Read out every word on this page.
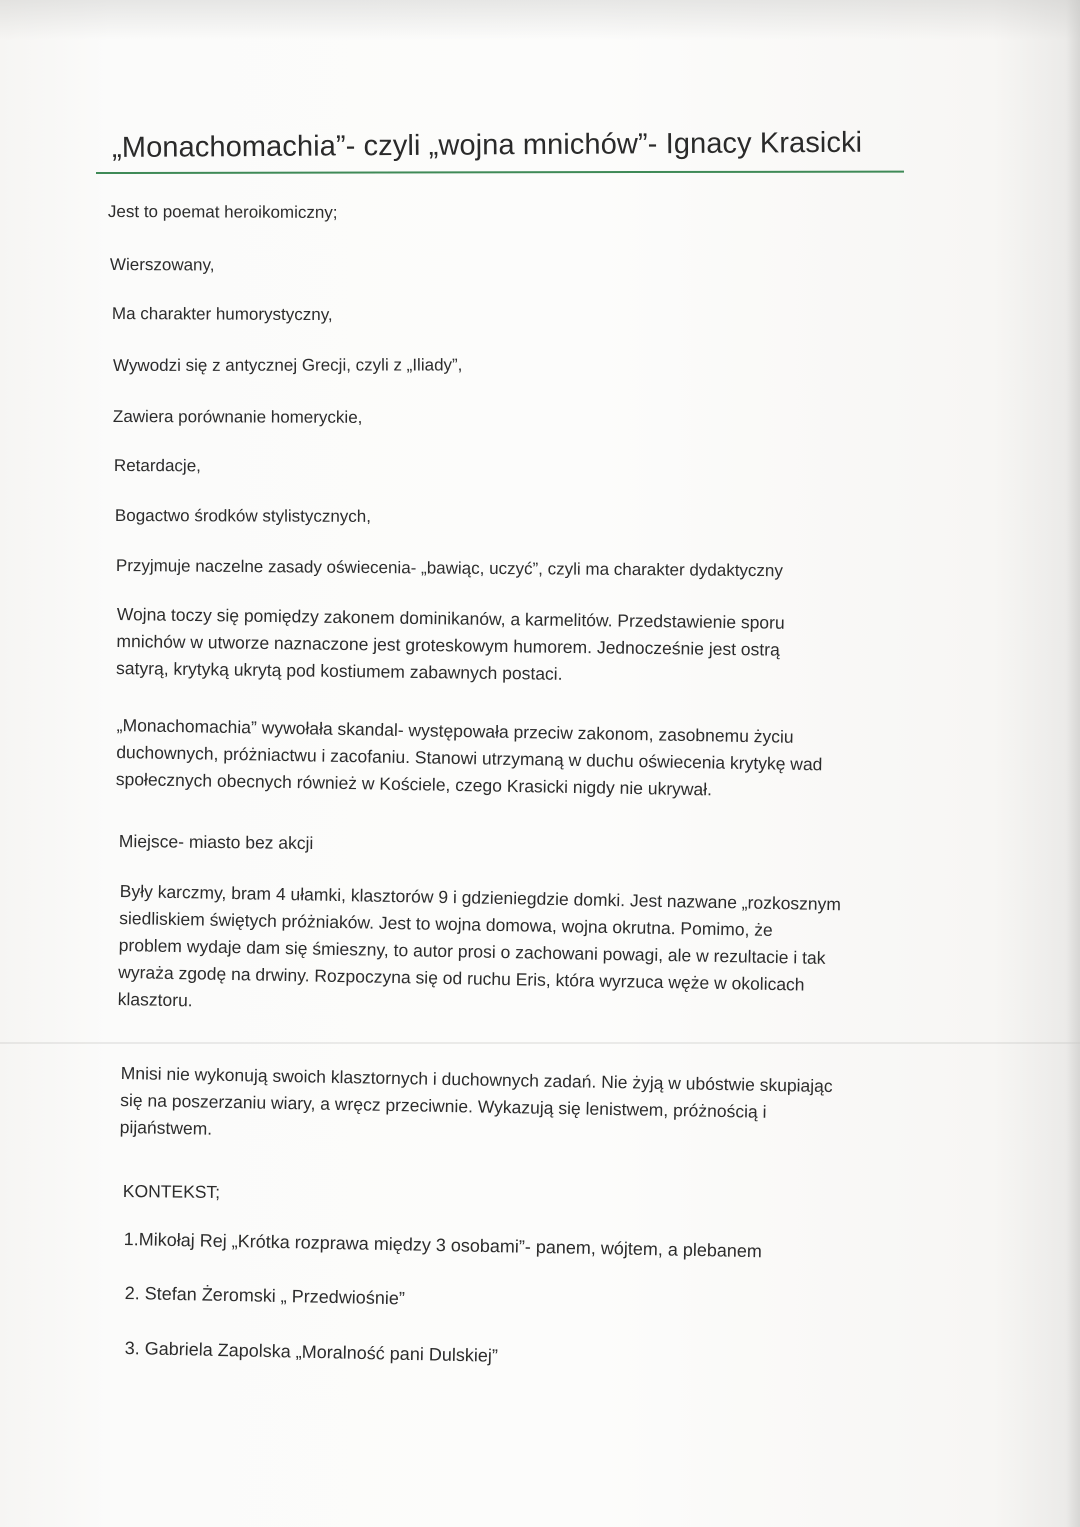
„Monachomachia”- czyli „wojna mnichów”- Ignacy Krasicki
Jest to poemat heroikomiczny;
Wierszowany,
Ma charakter humorystyczny,
Wywodzi się z antycznej Grecji, czyli z „Iliady”,
Zawiera porównanie homeryckie,
Retardacje,
Bogactwo środków stylistycznych,
Przyjmuje naczelne zasady oświecenia- „bawiąc, uczyć”, czyli ma charakter dydaktyczny
Wojna toczy się pomiędzy zakonem dominikanów, a karmelitów. Przedstawienie sporu
mnichów w utworze naznaczone jest groteskowym humorem. Jednocześnie jest ostrą
satyrą, krytyką ukrytą pod kostiumem zabawnych postaci.
„Monachomachia” wywołała skandal- występowała przeciw zakonom, zasobnemu życiu
duchownych, próżniactwu i zacofaniu. Stanowi utrzymaną w duchu oświecenia krytykę wad
społecznych obecnych również w Kościele, czego Krasicki nigdy nie ukrywał.
Miejsce- miasto bez akcji
Były karczmy, bram 4 ułamki, klasztorów 9 i gdzieniegdzie domki. Jest nazwane „rozkosznym
siedliskiem świętych próżniaków. Jest to wojna domowa, wojna okrutna. Pomimo, że
problem wydaje dam się śmieszny, to autor prosi o zachowani powagi, ale w rezultacie i tak
wyraża zgodę na drwiny. Rozpoczyna się od ruchu Eris, która wyrzuca węże w okolicach
klasztoru.
Mnisi nie wykonują swoich klasztornych i duchownych zadań. Nie żyją w ubóstwie skupiając
się na poszerzaniu wiary, a wręcz przeciwnie. Wykazują się lenistwem, próżnością i
pijaństwem.
KONTEKST;
1.Mikołaj Rej „Krótka rozprawa między 3 osobami”- panem, wójtem, a plebanem
2. Stefan Żeromski „ Przedwiośnie”
3. Gabriela Zapolska „Moralność pani Dulskiej”
